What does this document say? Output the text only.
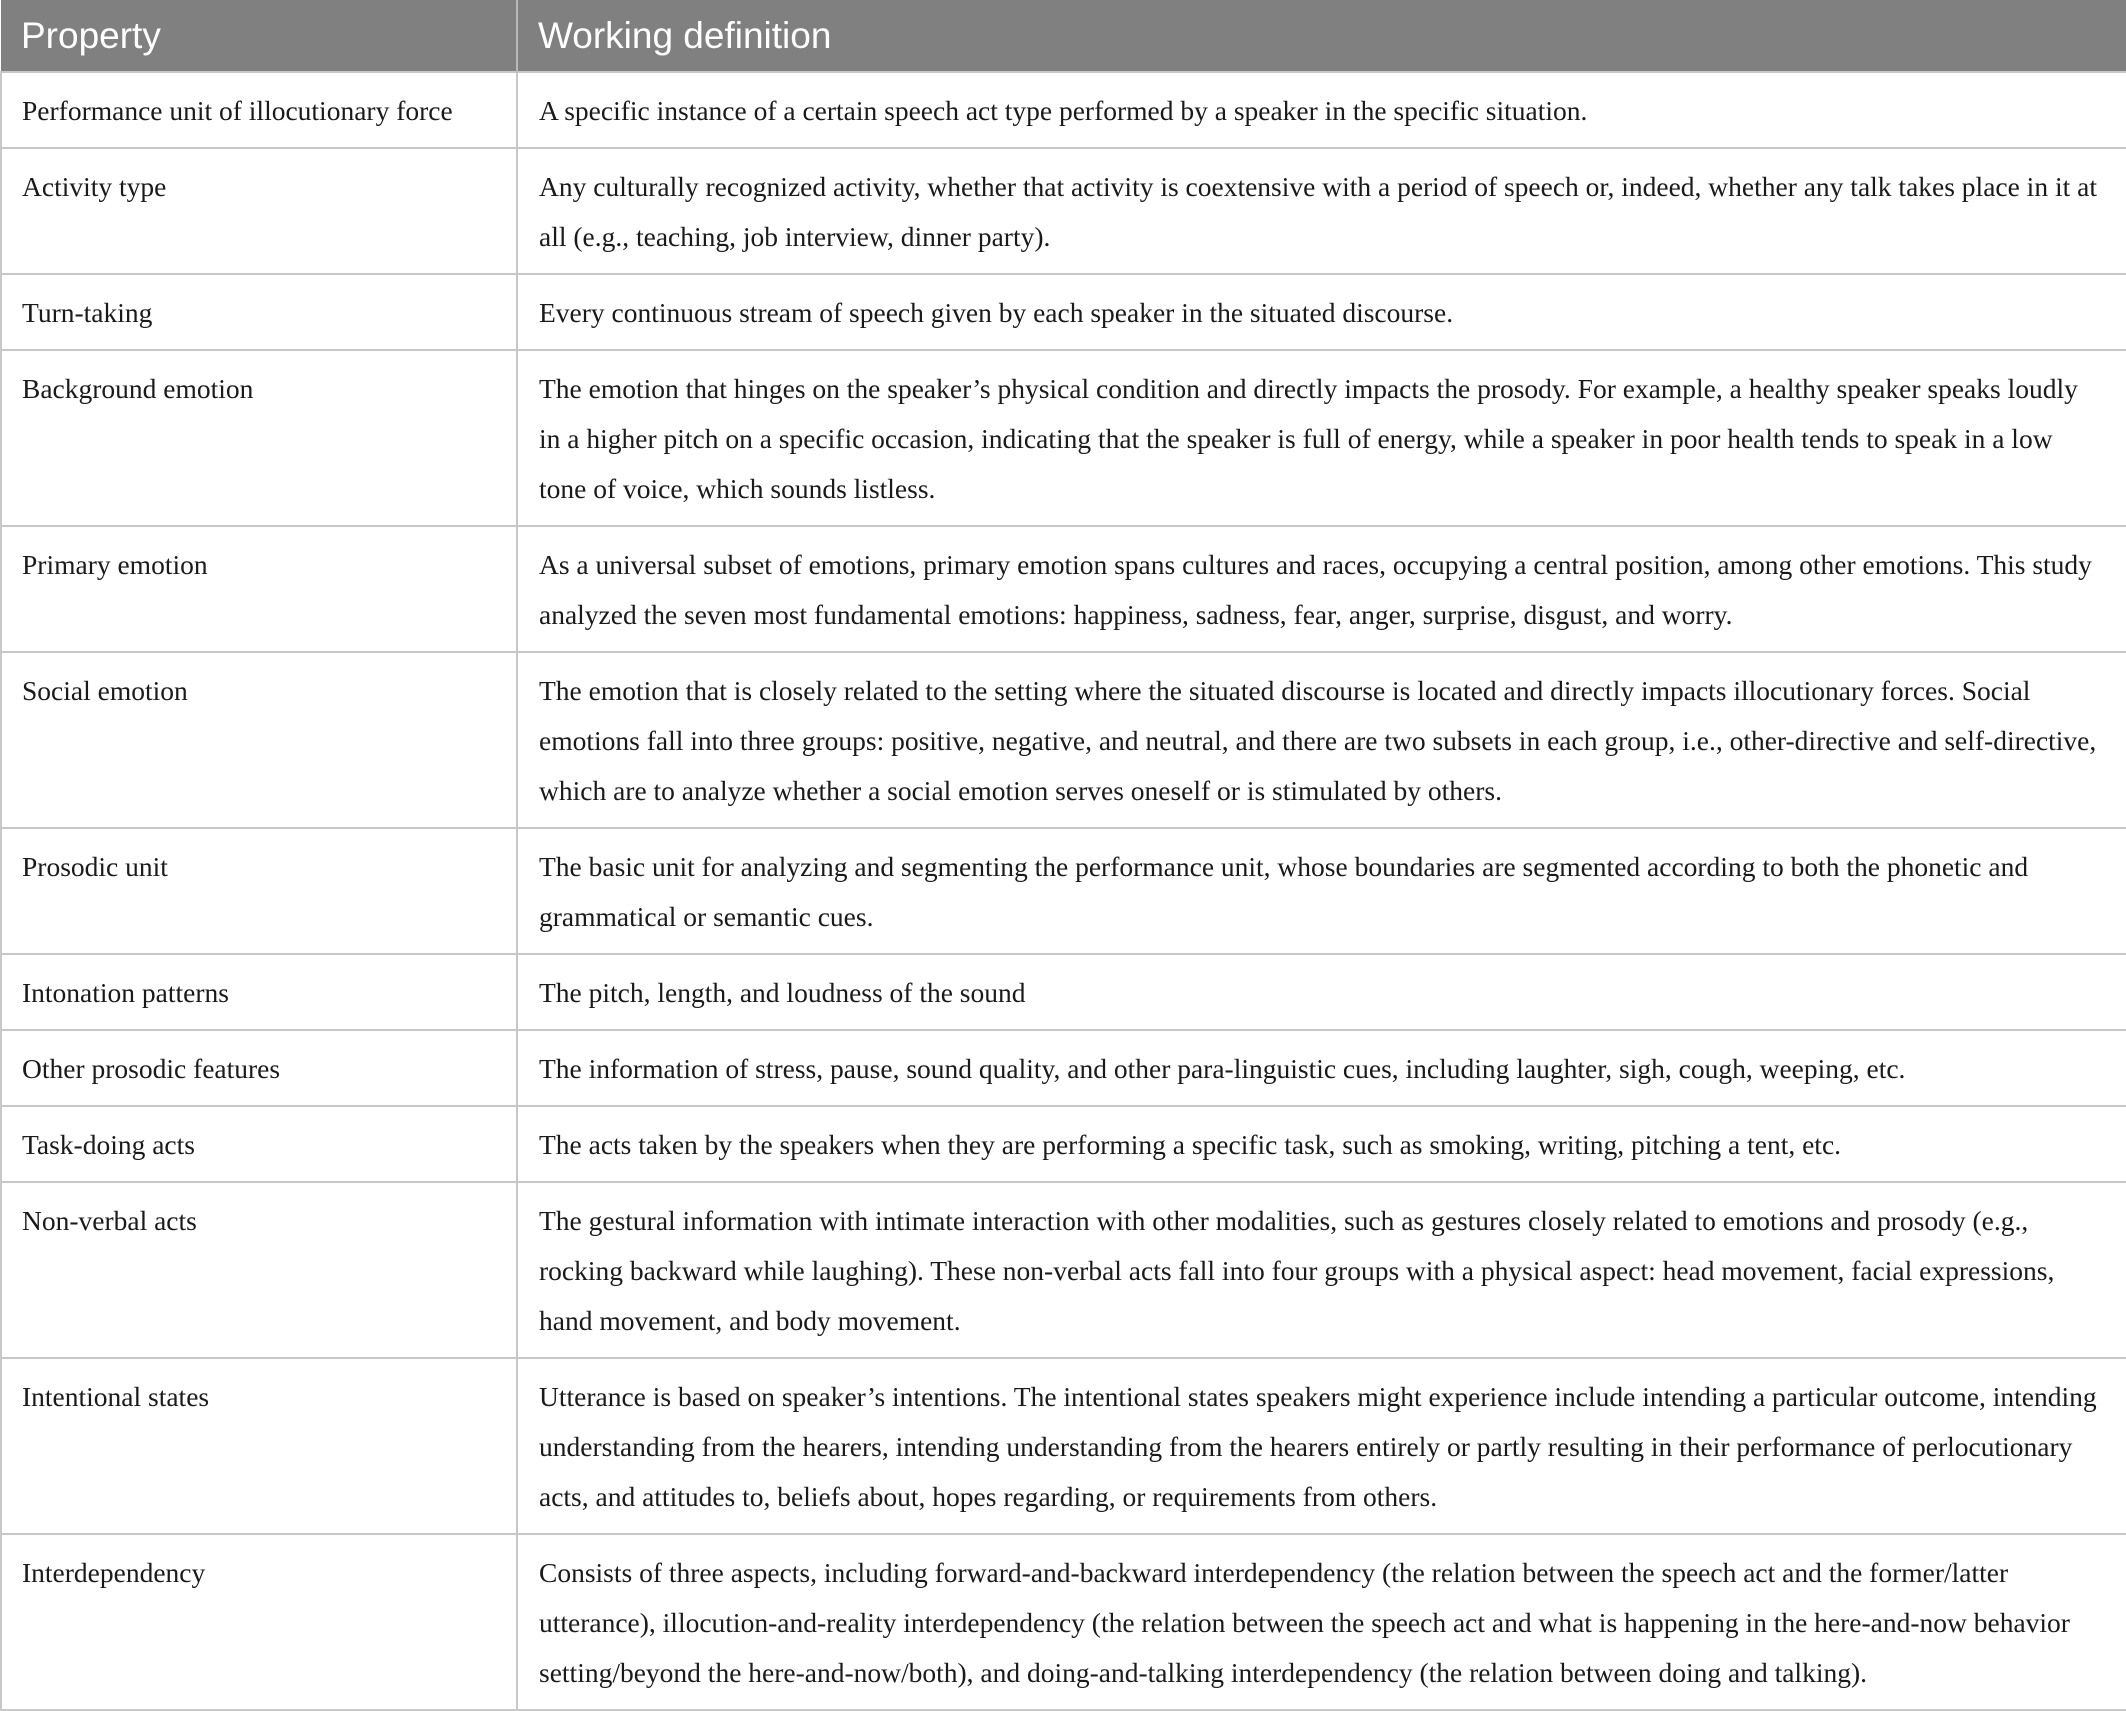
Property	Working definition
Performance unit of illocutionary force	A specific instance of a certain speech act type performed by a speaker in the specific situation.
Activity type	Any culturally recognized activity, whether that activity is coextensive with a period of speech or, indeed, whether any talk takes place in it at all (e.g., teaching, job interview, dinner party).
Turn-taking	Every continuous stream of speech given by each speaker in the situated discourse.
Background emotion	The emotion that hinges on the speaker’s physical condition and directly impacts the prosody. For example, a healthy speaker speaks loudly in a higher pitch on a specific occasion, indicating that the speaker is full of energy, while a speaker in poor health tends to speak in a low tone of voice, which sounds listless.
Primary emotion	As a universal subset of emotions, primary emotion spans cultures and races, occupying a central position, among other emotions. This study analyzed the seven most fundamental emotions: happiness, sadness, fear, anger, surprise, disgust, and worry.
Social emotion	The emotion that is closely related to the setting where the situated discourse is located and directly impacts illocutionary forces. Social emotions fall into three groups: positive, negative, and neutral, and there are two subsets in each group, i.e., other-directive and self-directive, which are to analyze whether a social emotion serves oneself or is stimulated by others.
Prosodic unit	The basic unit for analyzing and segmenting the performance unit, whose boundaries are segmented according to both the phonetic and grammatical or semantic cues.
Intonation patterns	The pitch, length, and loudness of the sound
Other prosodic features	The information of stress, pause, sound quality, and other para-linguistic cues, including laughter, sigh, cough, weeping, etc.
Task-doing acts	The acts taken by the speakers when they are performing a specific task, such as smoking, writing, pitching a tent, etc.
Non-verbal acts	The gestural information with intimate interaction with other modalities, such as gestures closely related to emotions and prosody (e.g., rocking backward while laughing). These non-verbal acts fall into four groups with a physical aspect: head movement, facial expressions, hand movement, and body movement.
Intentional states	Utterance is based on speaker’s intentions. The intentional states speakers might experience include intending a particular outcome, intending understanding from the hearers, intending understanding from the hearers entirely or partly resulting in their performance of perlocutionary acts, and attitudes to, beliefs about, hopes regarding, or requirements from others.
Interdependency	Consists of three aspects, including forward-and-backward interdependency (the relation between the speech act and the former/latter utterance), illocution-and-reality interdependency (the relation between the speech act and what is happening in the here-and-now behavior setting/beyond the here-and-now/both), and doing-and-talking interdependency (the relation between doing and talking).
